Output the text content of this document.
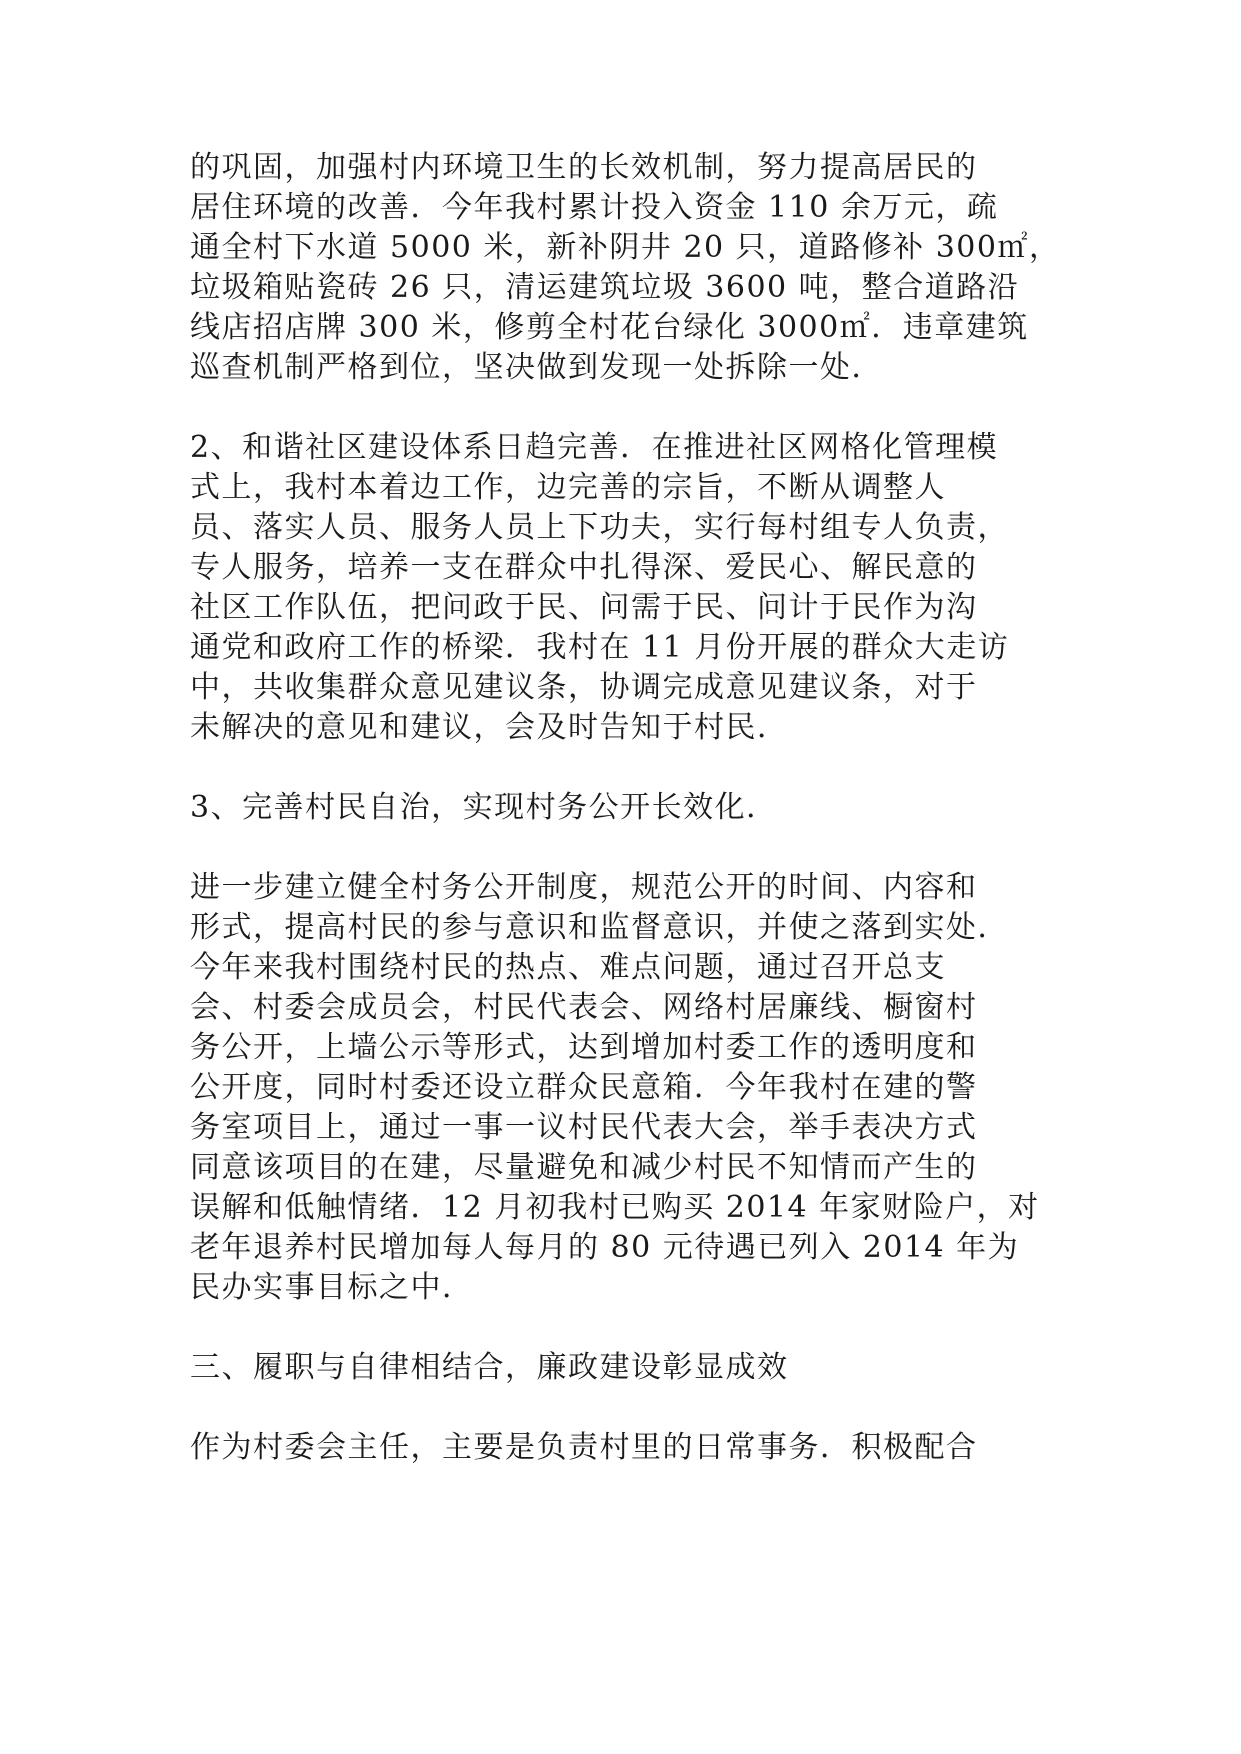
的巩固，加强村内环境卫生的长效机制，努力提高居民的
居住环境的改善．今年我村累计投入资金 110 余万元，疏
通全村下水道 5000 米，新补阴井 20 只，道路修补 300㎡，
垃圾箱贴瓷砖 26 只，清运建筑垃圾 3600 吨，整合道路沿
线店招店牌 300 米，修剪全村花台绿化 3000㎡．违章建筑
巡查机制严格到位，坚决做到发现一处拆除一处．
2、和谐社区建设体系日趋完善．在推进社区网格化管理模
式上，我村本着边工作，边完善的宗旨，不断从调整人
员、落实人员、服务人员上下功夫，实行每村组专人负责，
专人服务，培养一支在群众中扎得深、爱民心、解民意的
社区工作队伍，把问政于民、问需于民、问计于民作为沟
通党和政府工作的桥梁．我村在 11 月份开展的群众大走访
中，共收集群众意见建议条，协调完成意见建议条，对于
未解决的意见和建议，会及时告知于村民．
3、完善村民自治，实现村务公开长效化．
进一步建立健全村务公开制度，规范公开的时间、内容和
形式，提高村民的参与意识和监督意识，并使之落到实处．
今年来我村围绕村民的热点、难点问题，通过召开总支
会、村委会成员会，村民代表会、网络村居廉线、橱窗村
务公开，上墙公示等形式，达到增加村委工作的透明度和
公开度，同时村委还设立群众民意箱．今年我村在建的警
务室项目上，通过一事一议村民代表大会，举手表决方式
同意该项目的在建，尽量避免和减少村民不知情而产生的
误解和低触情绪．12 月初我村已购买 2014 年家财险户，对
老年退养村民增加每人每月的 80 元待遇已列入 2014 年为
民办实事目标之中．
三、履职与自律相结合，廉政建设彰显成效
作为村委会主任，主要是负责村里的日常事务．积极配合
